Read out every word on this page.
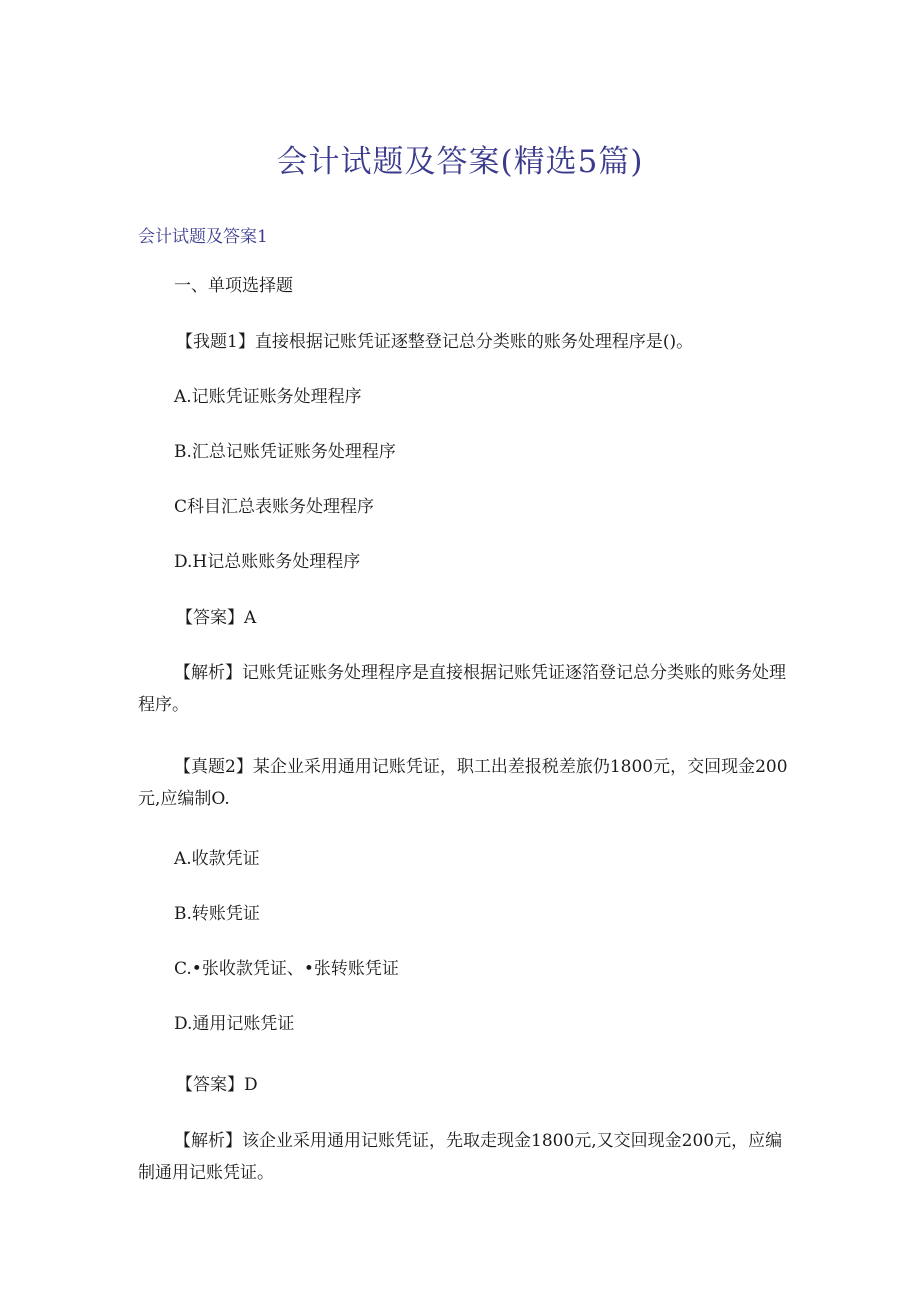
会计试题及答案(精选5篇)
会计试题及答案1
一、单项选择题
【我题1】直接根据记账凭证逐整登记总分类账的账务处理程序是()。
A.记账凭证账务处理程序
B.汇总记账凭证账务处理程序
C科目汇总表账务处理程序
D.H记总账账务处理程序
【答案】A
【解析】记账凭证账务处理程序是直接根据记账凭证逐箔登记总分类账的账务处理程序。
【真题2】某企业采用通用记账凭证，职工出差报税差旅仍1800元，交回现金200元,应编制O.
A.收款凭证
B.转账凭证
C.•张收款凭证、•张转账凭证
D.通用记账凭证
【答案】D
【解析】该企业采用通用记账凭证，先取走现金1800元,又交回现金200元，应编制通用记账凭证。
